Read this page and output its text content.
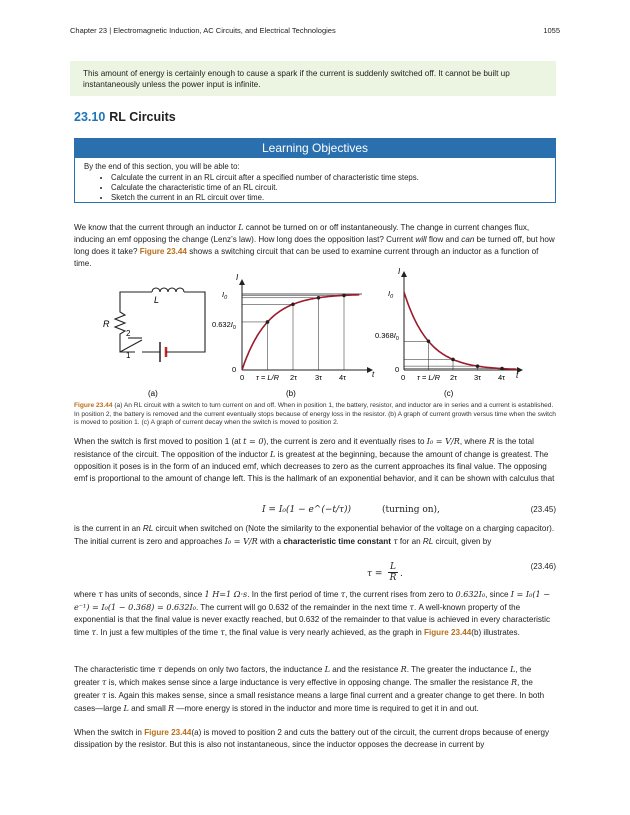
Chapter 23 | Electromagnetic Induction, AC Circuits, and Electrical Technologies	1055
This amount of energy is certainly enough to cause a spark if the current is suddenly switched off. It cannot be built up instantaneously unless the power input is infinite.
23.10 RL Circuits
Learning Objectives
By the end of this section, you will be able to:
• Calculate the current in an RL circuit after a specified number of characteristic time steps.
• Calculate the characteristic time of an RL circuit.
• Sketch the current in an RL circuit over time.
We know that the current through an inductor L cannot be turned on or off instantaneously. The change in current changes flux, inducing an emf opposing the change (Lenz’s law). How long does the opposition last? Current will flow and can be turned off, but how long does it take? Figure 23.44 shows a switching circuit that can be used to examine current through an inductor as a function of time.
L
R
2
1
(a)
I
t
$I_0$
$0.632I_0$
0
0 τ = L/R 2τ 3τ 4τ
(b)
I
t
$I_0$
$0.368I_0$
0
0 τ = L/R 2τ 3τ 4τ
(c)
Figure 23.44 (a) An RL circuit with a switch to turn current on and off. When in position 1, the battery, resistor, and inductor are in series and a current is established. In position 2, the battery is removed and the current eventually stops because of energy loss in the resistor. (b) A graph of current growth versus time when the switch is moved to position 1. (c) A graph of current decay when the switch is moved to position 2.
When the switch is first moved to position 1 (at t = 0), the current is zero and it eventually rises to I₀ = V/R, where R is the total resistance of the circuit. The opposition of the inductor L is greatest at the beginning, because the amount of change is greatest. The opposition it poses is in the form of an induced emf, which decreases to zero as the current approaches its final value. The opposing emf is proportional to the amount of change left. This is the hallmark of an exponential behavior, and it can be shown with calculus that
I = I₀(1 − e^(−t/τ))	(turning on),	(23.45)
is the current in an RL circuit when switched on (Note the similarity to the exponential behavior of the voltage on a charging capacitor). The initial current is zero and approaches I₀ = V/R with a characteristic time constant τ for an RL circuit, given by
$\tau = \frac{L}{R}$ .
(23.46)
where τ has units of seconds, since 1 H=1 Ω·s. In the first period of time τ, the current rises from zero to 0.632I₀, since I = I₀(1 − e⁻¹) = I₀(1 − 0.368) = 0.632I₀. The current will go 0.632 of the remainder in the next time τ. A well-known property of the exponential is that the final value is never exactly reached, but 0.632 of the remainder to that value is achieved in every characteristic time τ. In just a few multiples of the time τ, the final value is very nearly achieved, as the graph in Figure 23.44(b) illustrates.
The characteristic time τ depends on only two factors, the inductance L and the resistance R. The greater the inductance L, the greater τ is, which makes sense since a large inductance is very effective in opposing change. The smaller the resistance R, the greater τ is. Again this makes sense, since a small resistance means a large final current and a greater change to get there. In both cases—large L and small R —more energy is stored in the inductor and more time is required to get it in and out.
When the switch in Figure 23.44(a) is moved to position 2 and cuts the battery out of the circuit, the current drops because of energy dissipation by the resistor. But this is also not instantaneous, since the inductor opposes the decrease in current by
